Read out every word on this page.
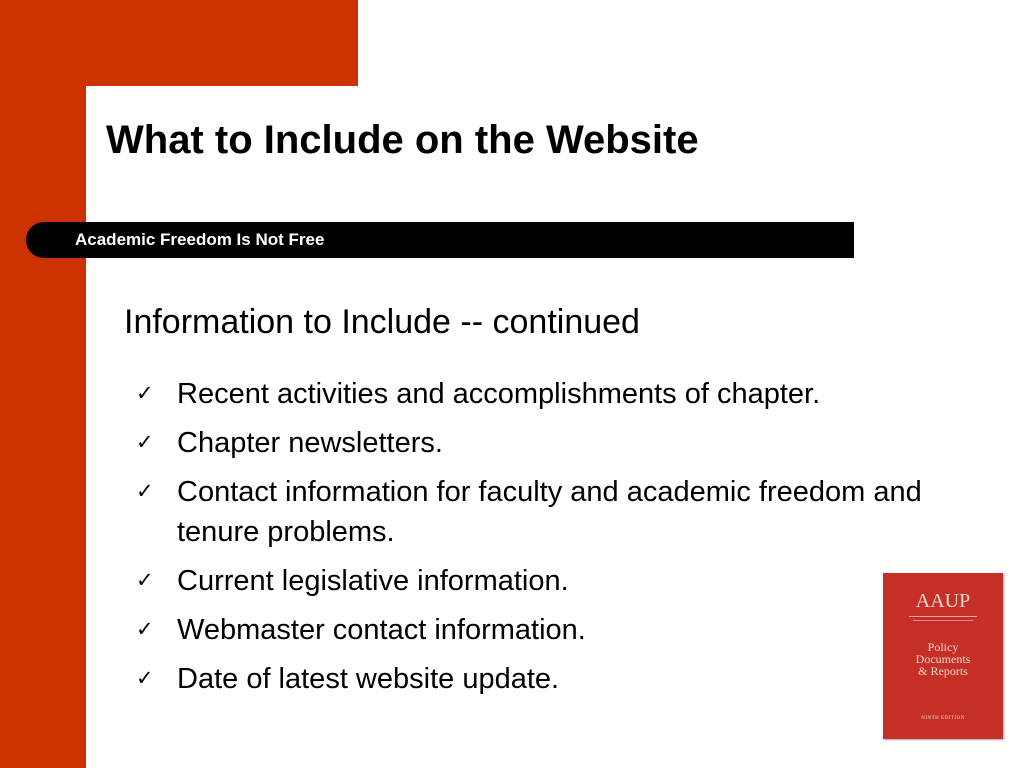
What to Include on the Website
Academic Freedom Is Not Free
Information to Include -- continued
✓ Recent activities and accomplishments of chapter.
✓ Chapter newsletters.
✓ Contact information for faculty and academic freedom and tenure problems.
✓ Current legislative information.
✓ Webmaster contact information.
✓ Date of latest website update.
AAUP
Policy
Documents
& Reports
NINTH EDITION
